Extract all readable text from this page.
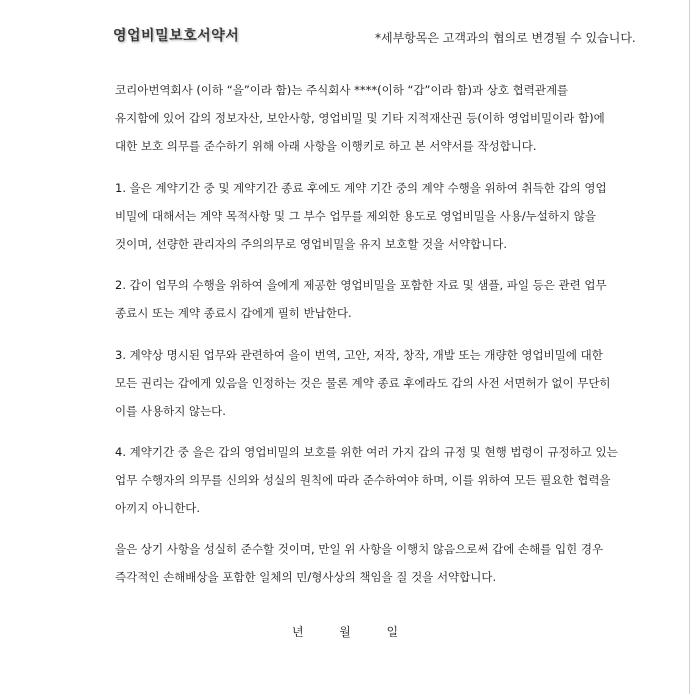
영업비밀보호서약서	*세부항목은 고객과의 협의로 변경될 수 있습니다.
코리아번역회사 (이하 “을”이라 함)는 주식회사 ****(이하 “갑”이라 함)과 상호 협력관계를
유지함에 있어 갑의 정보자산, 보안사항, 영업비밀 및 기타 지적재산권 등(이하 영업비밀이라 함)에
대한 보호 의무를 준수하기 위해 아래 사항을 이행키로 하고 본 서약서를 작성합니다.
1. 을은 계약기간 중 및 계약기간 종료 후에도 계약 기간 중의 계약 수행을 위하여 취득한 갑의 영업
비밀에 대해서는 계약 목적사항 및 그 부수 업무를 제외한 용도로 영업비밀을 사용/누설하지 않을
것이며, 선량한 관리자의 주의의무로 영업비밀을 유지 보호할 것을 서약합니다.
2. 갑이 업무의 수행을 위하여 을에게 제공한 영업비밀을 포함한 자료 및 샘플, 파일 등은 관련 업무
종료시 또는 계약 종료시 갑에게 필히 반납한다.
3. 계약상 명시된 업무와 관련하여 을이 번역, 고안, 저작, 창작, 개발 또는 개량한 영업비밀에 대한
모든 권리는 갑에게 있음을 인정하는 것은 물론 계약 종료 후에라도 갑의 사전 서면허가 없이 무단히
이를 사용하지 않는다.
4. 계약기간 중 을은 갑의 영업비밀의 보호를 위한 여러 가지 갑의 규정 및 현행 법령이 규정하고 있는
업무 수행자의 의무를 신의와 성실의 원칙에 따라 준수하여야 하며, 이를 위하여 모든 필요한 협력을
아끼지 아니한다.
을은 상기 사항을 성실히 준수할 것이며, 만일 위 사항을 이행치 않음으로써 갑에 손해를 입힌 경우
즉각적인 손해배상을 포함한 일체의 민/형사상의 책임을 질 것을 서약합니다.
년	월	일
